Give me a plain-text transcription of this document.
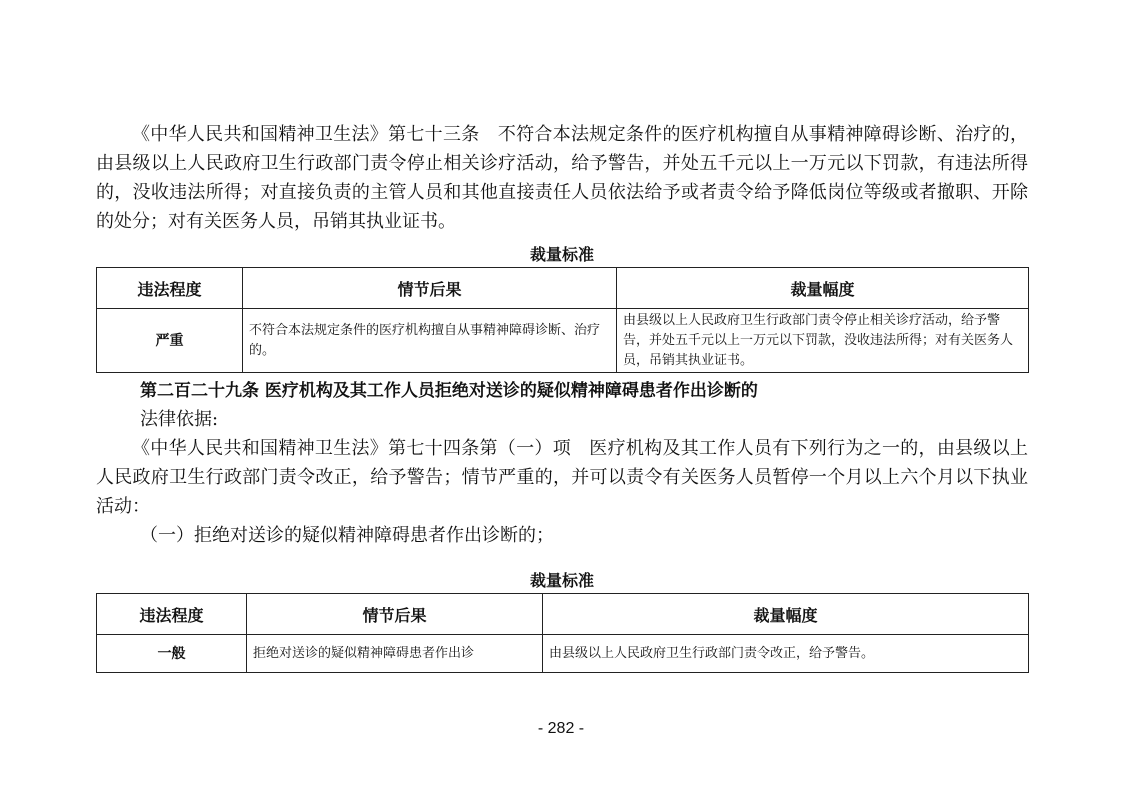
《中华人民共和国精神卫生法》第七十三条　不符合本法规定条件的医疗机构擅自从事精神障碍诊断、治疗的，由县级以上人民政府卫生行政部门责令停止相关诊疗活动，给予警告，并处五千元以上一万元以下罚款，有违法所得的，没收违法所得；对直接负责的主管人员和其他直接责任人员依法给予或者责令给予降低岗位等级或者撤职、开除的处分；对有关医务人员，吊销其执业证书。

裁量标准
违法程度	情节后果	裁量幅度
严重	不符合本法规定条件的医疗机构擅自从事精神障碍诊断、治疗的。	由县级以上人民政府卫生行政部门责令停止相关诊疗活动，给予警告，并处五千元以上一万元以下罚款，没收违法所得；对有关医务人员，吊销其执业证书。
第二百二十九条 医疗机构及其工作人员拒绝对送诊的疑似精神障碍患者作出诊断的
法律依据:

《中华人民共和国精神卫生法》第七十四条第（一）项　医疗机构及其工作人员有下列行为之一的，由县级以上人民政府卫生行政部门责令改正，给予警告；情节严重的，并可以责令有关医务人员暂停一个月以上六个月以下执业活动：

（一）拒绝对送诊的疑似精神障碍患者作出诊断的；
裁量标准
违法程度	情节后果	裁量幅度
一般	拒绝对送诊的疑似精神障碍患者作出诊	由县级以上人民政府卫生行政部门责令改正，给予警告。
- 282 -
